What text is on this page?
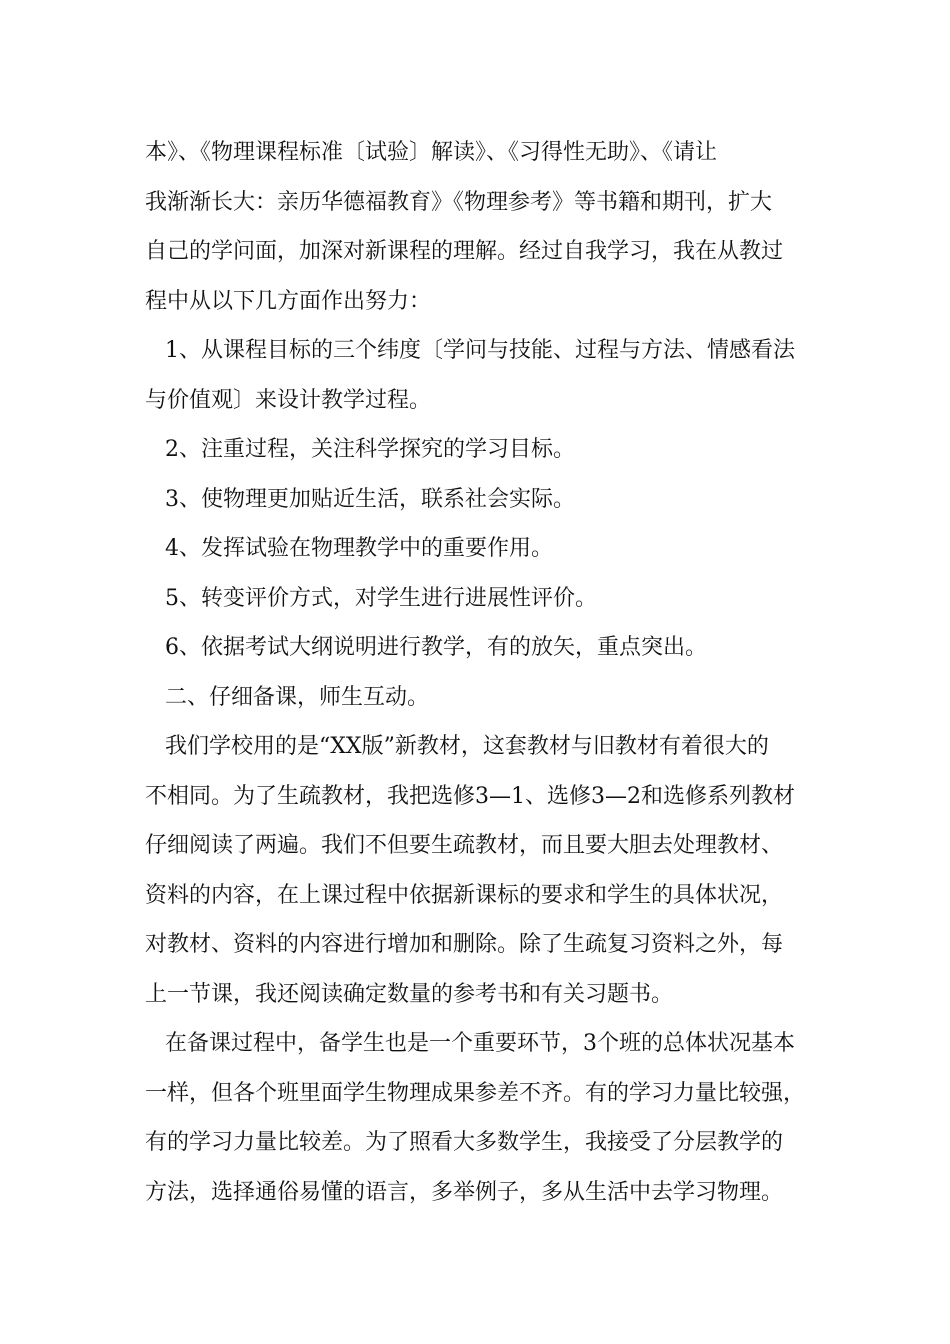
本》、《物理课程标准〔试验〕解读》、《习得性无助》、《请让
我渐渐长大：亲历华德福教育》《物理参考》等书籍和期刊，扩大
自己的学问面，加深对新课程的理解。经过自我学习，我在从教过
程中从以下几方面作出努力：
1、从课程目标的三个纬度〔学问与技能、过程与方法、情感看法
与价值观〕来设计教学过程。
2、注重过程，关注科学探究的学习目标。
3、使物理更加贴近生活，联系社会实际。
4、发挥试验在物理教学中的重要作用。
5、转变评价方式，对学生进行进展性评价。
6、依据考试大纲说明进行教学，有的放矢，重点突出。
二、仔细备课，师生互动。
我们学校用的是“XX版”新教材，这套教材与旧教材有着很大的
不相同。为了生疏教材，我把选修3—1、选修3—2和选修系列教材
仔细阅读了两遍。我们不但要生疏教材，而且要大胆去处理教材、
资料的内容，在上课过程中依据新课标的要求和学生的具体状况，
对教材、资料的内容进行增加和删除。除了生疏复习资料之外，每
上一节课，我还阅读确定数量的参考书和有关习题书。
在备课过程中，备学生也是一个重要环节，3个班的总体状况基本
一样，但各个班里面学生物理成果参差不齐。有的学习力量比较强，
有的学习力量比较差。为了照看大多数学生，我接受了分层教学的
方法，选择通俗易懂的语言，多举例子，多从生活中去学习物理。
